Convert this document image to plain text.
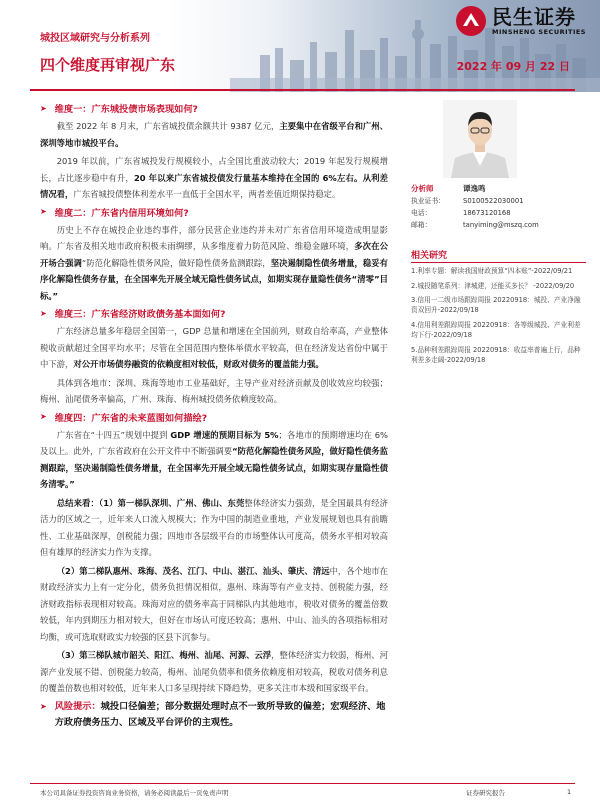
民生证券
MINSHENG SECURITIES
城投区域研究与分析系列
四个维度再审视广东	2022 年 09 月 22 日
➤ 维度一：广东城投债市场表现如何?

截至 2022 年 8 月末，广东省城投债余额共计 9387 亿元，主要集中在省级平台和广州、深圳等地市城投平台。

2019 年以前，广东省城投发行规模较小，占全国比重波动较大；2019 年起发行规模增长，占比逐步稳中有升，20 年以来广东省城投债发行量基本维持在全国的 6%左右。从利差情况看，广东省城投债整体利差水平一直低于全国水平，两者差值近期保持稳定。

➤ 维度二：广东省内信用环境如何?

历史上不存在城投企业违约事件，部分民营企业违约并未对广东省信用环境造成明显影响。广东省及相关地市政府积极未雨绸缪，从多维度着力防范风险、维稳金融环境，多次在公开场合强调“防范化解隐性债务风险，做好隐性债务监测跟踪，坚决遏制隐性债务增量，稳妥有序化解隐性债务存量，在全国率先开展全域无隐性债务试点，如期实现存量隐性债务“清零”目标。”

➤ 维度三：广东省经济财政债务基本面如何?

广东经济总量多年稳居全国第一，GDP 总量和增速在全国前列，财政自给率高，产业整体税收贡献超过全国平均水平；尽管在全国范围内整体举债水平较高，但在经济发达省份中属于中下游，对公开市场债券融资的依赖度相对较低，财政对债务的覆盖能力强。

具体到各地市：深圳、珠海等地市工业基础好，主导产业对经济贡献及创收效应均较强；梅州、汕尾债务率偏高，广州、珠海、梅州城投债务依赖度较高。

➤ 维度四：广东省的未来蓝图如何描绘?

广东省在“十四五”规划中提到 GDP 增速的预期目标为 5%；各地市的预期增速均在 6%及以上。此外，广东省政府在公开文件中不断强调要“防范化解隐性债务风险，做好隐性债务监测跟踪，坚决遏制隐性债务增量，在全国率先开展全域无隐性债务试点，如期实现存量隐性债务清零。”

总结来看：（1）第一梯队深圳、广州、佛山、东莞整体经济实力强劲，是全国最具有经济活力的区域之一，近年来人口流入规模大；作为中国的制造业重地，产业发展规划也具有前瞻性、工业基础深厚，创税能力强；四地市各层级平台的市场整体认可度高，债务水平相对较高但有雄厚的经济实力作为支撑。

（2）第二梯队惠州、珠海、茂名、江门、中山、湛江、汕头、肇庆、清远中，各个地市在财政经济实力上有一定分化，债务负担情况相似，惠州、珠海等有产业支持、创税能力强，经济财政指标表现相对较高。珠海对应的债务率高于同梯队内其他地市，税收对债务的覆盖倍数较低，年内到期压力相对较大，但好在市场认可度还较高；惠州、中山、汕头的各项指标相对均衡，或可选取财政实力较强的区县下沉参与。

（3）第三梯队城市韶关、阳江、梅州、汕尾、河源、云浮，整体经济实力较弱，梅州、河源产业发展不错、创税能力较高，梅州、汕尾负债率和债务依赖度相对较高，税收对债务利息的覆盖倍数也相对较低，近年来人口多呈现持续下降趋势，更多关注市本级和国家级平台。

➤ 风险提示：城投口径偏差；部分数据处理时点不一致所导致的偏差；宏观经济、地方政府债务压力、区域及平台评价的主观性。
分析师	谭逸鸣
执业证书：	S0100522030001
电话：	18673120168
邮箱：	tanyiming@mszq.com
相关研究
1.利率专题：解读我国财政预算“四本账”-2022/09/21
2.城投随笔系列：津城建，还能买多长？ -2022/09/20
3.信用一二级市场跟踪周报 20220918：城投、产业净融资双回升-2022/09/18
4.信用利差跟踪周报 20220918：各等级城投、产业利差均下行-2022/09/18
5.品种利差跟踪周报 20220918：收益率普遍上行，品种利差多走阔-2022/09/18
本公司具备证券投资咨询业务资格，请务必阅读最后一页免责声明	证券研究报告	1
